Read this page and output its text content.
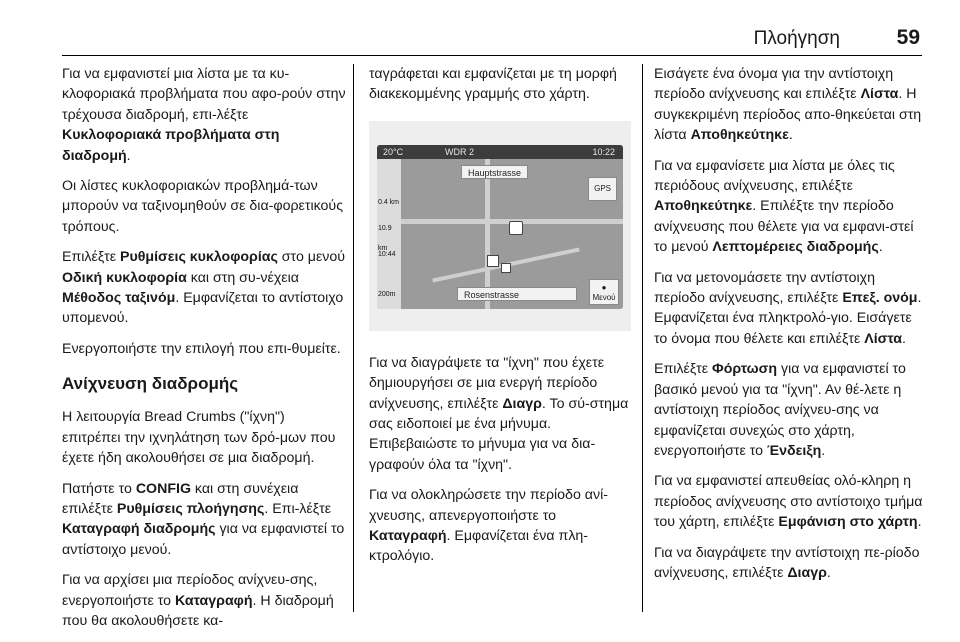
Πλοήγηση	59

Για να εμφανιστεί μια λίστα με τα κυ-κλοφοριακά προβλήματα που αφο-ρούν στην τρέχουσα διαδρομή, επι-λέξτε Κυκλοφοριακά προβλήματα στη διαδρομή.

Οι λίστες κυκλοφοριακών προβλημά-των μπορούν να ταξινομηθούν σε δια-φορετικούς τρόπους.

Επιλέξτε Ρυθμίσεις κυκλοφορίας στο μενού Οδική κυκλοφορία και στη συ-νέχεια Μέθοδος ταξινόμ. Εμφανίζεται το αντίστοιχο υπομενού.

Ενεργοποιήστε την επιλογή που επι-θυμείτε.

Ανίχνευση διαδρομής

Η λειτουργία Bread Crumbs ("ίχνη") επιτρέπει την ιχνηλάτηση των δρό-μων που έχετε ήδη ακολουθήσει σε μια διαδρομή.

Πατήστε το CONFIG και στη συνέχεια επιλέξτε Ρυθμίσεις πλοήγησης. Επι-λέξτε Καταγραφή διαδρομής για να εμφανιστεί το αντίστοιχο μενού.

Για να αρχίσει μια περίοδος ανίχνευ-σης, ενεργοποιήστε το Καταγραφή. Η διαδρομή που θα ακολουθήσετε κα-

ταγράφεται και εμφανίζεται με τη μορφή διακεκομμένης γραμμής στο χάρτη.

20°C	WDR 2	10:22
0.4 km
10.9 km
10:44
200m
Hauptstrasse
GPS
Rosenstrasse
●
Μενού

Για να διαγράψετε τα "ίχνη" που έχετε δημιουργήσει σε μια ενεργή περίοδο ανίχνευσης, επιλέξτε Διαγρ. Το σύ-στημα σας ειδοποιεί με ένα μήνυμα. Επιβεβαιώστε το μήνυμα για να δια-γραφούν όλα τα "ίχνη".

Για να ολοκληρώσετε την περίοδο ανί-χνευσης, απενεργοποιήστε το Καταγραφή. Εμφανίζεται ένα πλη-κτρολόγιο.

Εισάγετε ένα όνομα για την αντίστοιχη περίοδο ανίχνευσης και επιλέξτε Λίστα. Η συγκεκριμένη περίοδος απο-θηκεύεται στη λίστα Αποθηκεύτηκε.

Για να εμφανίσετε μια λίστα με όλες τις περιόδους ανίχνευσης, επιλέξτε Αποθηκεύτηκε. Επιλέξτε την περίοδο ανίχνευσης που θέλετε για να εμφανι-στεί το μενού Λεπτομέρειες διαδρομής.

Για να μετονομάσετε την αντίστοιχη περίοδο ανίχνευσης, επιλέξτε Επεξ. ονόμ. Εμφανίζεται ένα πληκτρολό-γιο. Εισάγετε το όνομα που θέλετε και επιλέξτε Λίστα.

Επιλέξτε Φόρτωση για να εμφανιστεί το βασικό μενού για τα "ίχνη". Αν θέ-λετε η αντίστοιχη περίοδος ανίχνευ-σης να εμφανίζεται συνεχώς στο χάρτη, ενεργοποιήστε το Ένδειξη.

Για να εμφανιστεί απευθείας ολό-κληρη η περίοδος ανίχνευσης στο αντίστοιχο τμήμα του χάρτη, επιλέξτε Εμφάνιση στο χάρτη.

Για να διαγράψετε την αντίστοιχη πε-ρίοδο ανίχνευσης, επιλέξτε Διαγρ.
